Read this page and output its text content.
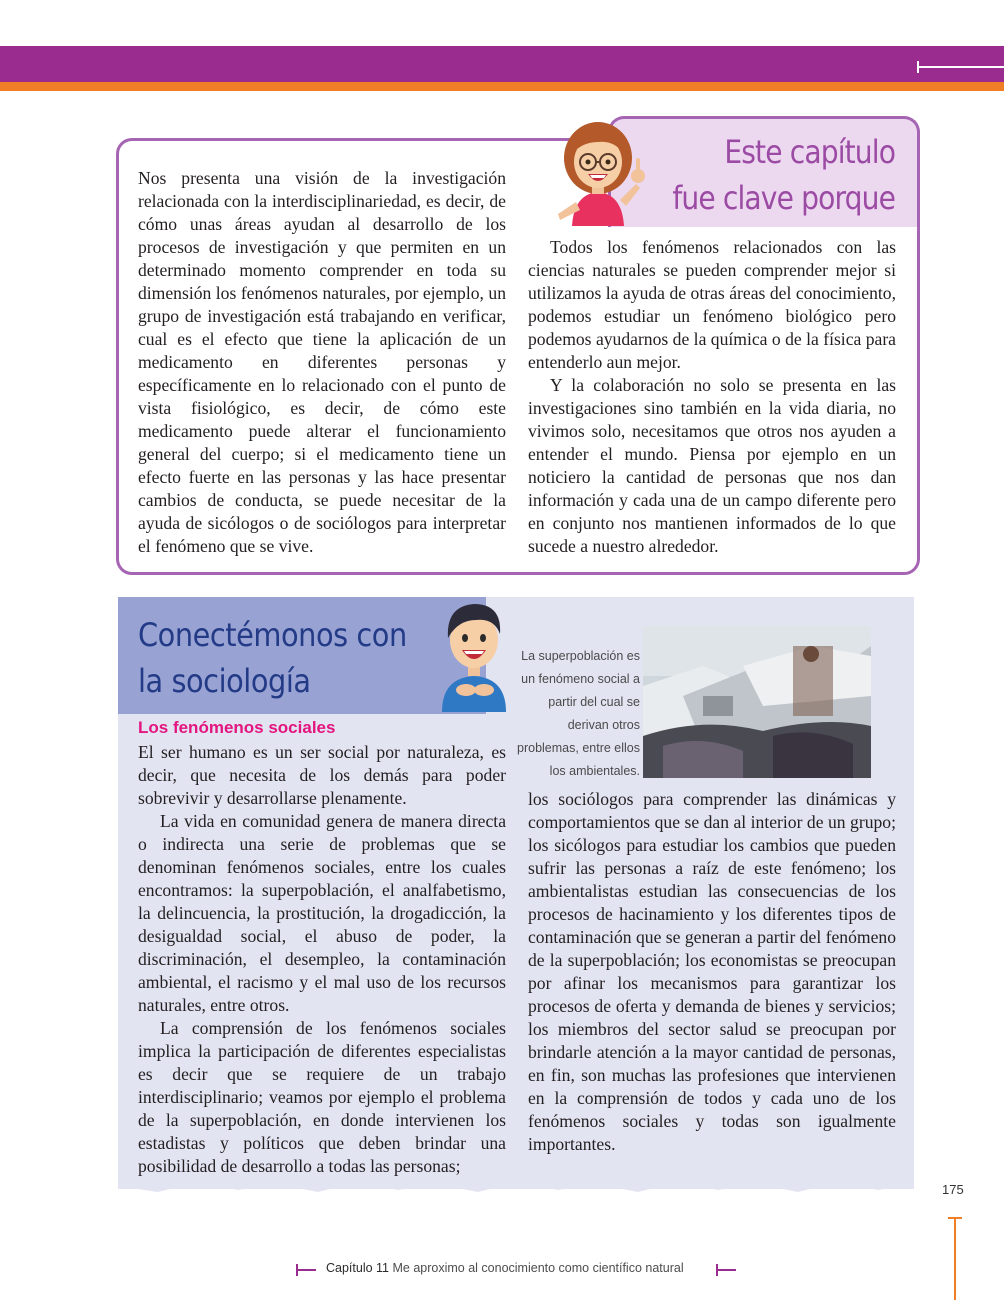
Este capítulo
fue clave porque

Nos presenta una visión de la investigación relacionada con la interdisciplinariedad, es decir, de cómo unas áreas ayudan al desarrollo de los procesos de investigación y que permiten en un determinado momento comprender en toda su dimensión los fenómenos naturales, por ejemplo, un grupo de investigación está trabajando en verificar, cual es el efecto que tiene la aplicación de un medicamento en diferentes personas y específicamente en lo relacionado con el punto de vista fisiológico, es decir, de cómo este medicamento puede alterar el funcionamiento general del cuerpo; si el medicamento tiene un efecto fuerte en las personas y las hace presentar cambios de conducta, se puede necesitar de la ayuda de sicólogos o de sociólogos para interpretar el fenómeno que se vive.

Todos los fenómenos relacionados con las ciencias naturales se pueden comprender mejor si utilizamos la ayuda de otras áreas del conocimiento, podemos estudiar un fenómeno biológico pero podemos ayudarnos de la química o de la física para entenderlo aun mejor.

Y la colaboración no solo se presenta en las investigaciones sino también en la vida diaria, no vivimos solo, necesitamos que otros nos ayuden a entender el mundo. Piensa por ejemplo en un noticiero la cantidad de personas que nos dan información y cada una de un campo diferente pero en conjunto nos mantienen informados de lo que sucede a nuestro alrededor.

Conectémonos con
la sociología
Los fenómenos sociales

El ser humano es un ser social por naturaleza, es decir, que necesita de los demás para poder sobrevivir y desarrollarse plenamente.

La vida en comunidad genera de manera directa o indirecta una serie de problemas que se denominan fenómenos sociales, entre los cuales encontramos: la superpoblación, el analfabetismo, la delincuencia, la prostitución, la drogadicción, la desigualdad social, el abuso de poder, la discriminación, el desempleo, la contaminación ambiental, el racismo y el mal uso de los recursos naturales, entre otros.

La comprensión de los fenómenos sociales implica la participación de diferentes especialistas es decir que se requiere de un trabajo interdisciplinario; veamos por ejemplo el problema de la superpoblación, en donde intervienen los estadistas y políticos que deben brindar una posibilidad de desarrollo a todas las personas;

La superpoblación es un fenómeno social a partir del cual se derivan otros problemas, entre ellos los ambientales.

los sociólogos para comprender las dinámicas y comportamientos que se dan al interior de un grupo; los sicólogos para estudiar los cambios que pueden sufrir las personas a raíz de este fenómeno; los ambientalistas estudian las consecuencias de los procesos de hacinamiento y los diferentes tipos de contaminación que se generan a partir del fenómeno de la superpoblación; los economistas se preocupan por afinar los mecanismos para garantizar los procesos de oferta y demanda de bienes y servicios; los miembros del sector salud se preocupan por brindarle atención a la mayor cantidad de personas, en fin, son muchas las profesiones que intervienen en la comprensión de todos y cada uno de los fenómenos sociales y todas son igualmente importantes.

175
Capítulo 11 Me aproximo al conocimiento como científico natural
